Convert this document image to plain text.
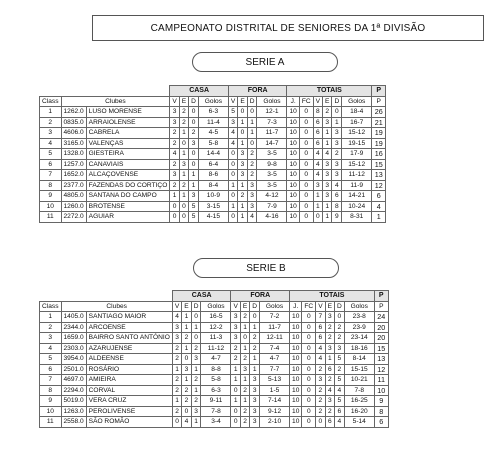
CAMPEONATO DISTRITAL DE SENIORES DA 1ª DIVISÃO
SERIE A
			CASA				FORA				TOTAIS						P
Class	Clubes		V	E	D	Golos	V	E	D	Golos	J.	FC	V	E	D	Golos	P
1	1262.0	LUSO MORENSE	3	2	0	6-3	5	0	0	12-1	10	0	8	2	0	18-4	26
2	0835.0	ARRAIOLENSE	3	2	0	11-4	3	1	1	7-3	10	0	6	3	1	16-7	21
3	4606.0	CABRELA	2	1	2	4-5	4	0	1	11-7	10	0	6	1	3	15-12	19
4	3165.0	VALENÇAS	2	0	3	5-8	4	1	0	14-7	10	0	6	1	3	19-15	19
5	1328.0	GIESTEIRA	4	1	0	14-4	0	3	2	3-5	10	0	4	4	2	17-9	16
6	1257.0	CANAVIAIS	2	3	0	6-4	0	3	2	9-8	10	0	4	3	3	15-12	15
7	1652.0	ALCAÇOVENSE	3	1	1	8-6	0	3	2	3-5	10	0	4	3	3	11-12	13
8	2377.0	FAZENDAS DO CORTIÇO	2	2	1	8-4	1	1	3	3-5	10	0	3	3	4	11-9	12
9	4805.0	SANTANA DO CAMPO	1	1	3	10-9	0	2	3	4-12	10	0	1	3	6	14-21	6
10	1260.0	BROTENSE	0	0	5	3-15	1	1	3	7-9	10	0	1	1	8	10-24	4
11	2272.0	AGUIAR	0	0	5	4-15	0	1	4	4-16	10	0	0	1	9	8-31	1
SERIE B
			CASA				FORA				TOTAIS						P
Class	Clubes		V	E	D	Golos	V	E	D	Golos	J.	FC	V	E	D	Golos	P
1	1405.0	SANTIAGO MAIOR	4	1	0	16-5	3	2	0	7-2	10	0	7	3	0	23-8	24
2	2344.0	ARCOENSE	3	1	1	12-2	3	1	1	11-7	10	0	6	2	2	23-9	20
3	1659.0	BAIRRO SANTO ANTÓNIO	3	2	0	11-3	3	0	2	12-11	10	0	6	2	2	23-14	20
4	2303.0	AZARUJENSE	2	1	2	11-12	2	1	2	7-4	10	0	4	3	3	18-16	15
5	3954.0	ALDEENSE	2	0	3	4-7	2	2	1	4-7	10	0	4	1	5	8-14	13
6	2501.0	ROSÁRIO	1	3	1	8-8	1	3	1	7-7	10	0	2	6	2	15-15	12
7	4697.0	AMIEIRA	2	1	2	5-8	1	1	3	5-13	10	0	3	2	5	10-21	11
8	2294.0	CORVAL	2	2	1	6-3	0	2	3	1-5	10	0	2	4	4	7-8	10
9	5019.0	VERA CRUZ	1	2	2	9-11	1	1	3	7-14	10	0	2	3	5	16-25	9
10	1263.0	PEROLIVENSE	2	0	3	7-8	0	2	3	9-12	10	0	2	2	6	16-20	8
11	2558.0	SÃO ROMÃO	0	4	1	3-4	0	2	3	2-10	10	0	0	6	4	5-14	6
